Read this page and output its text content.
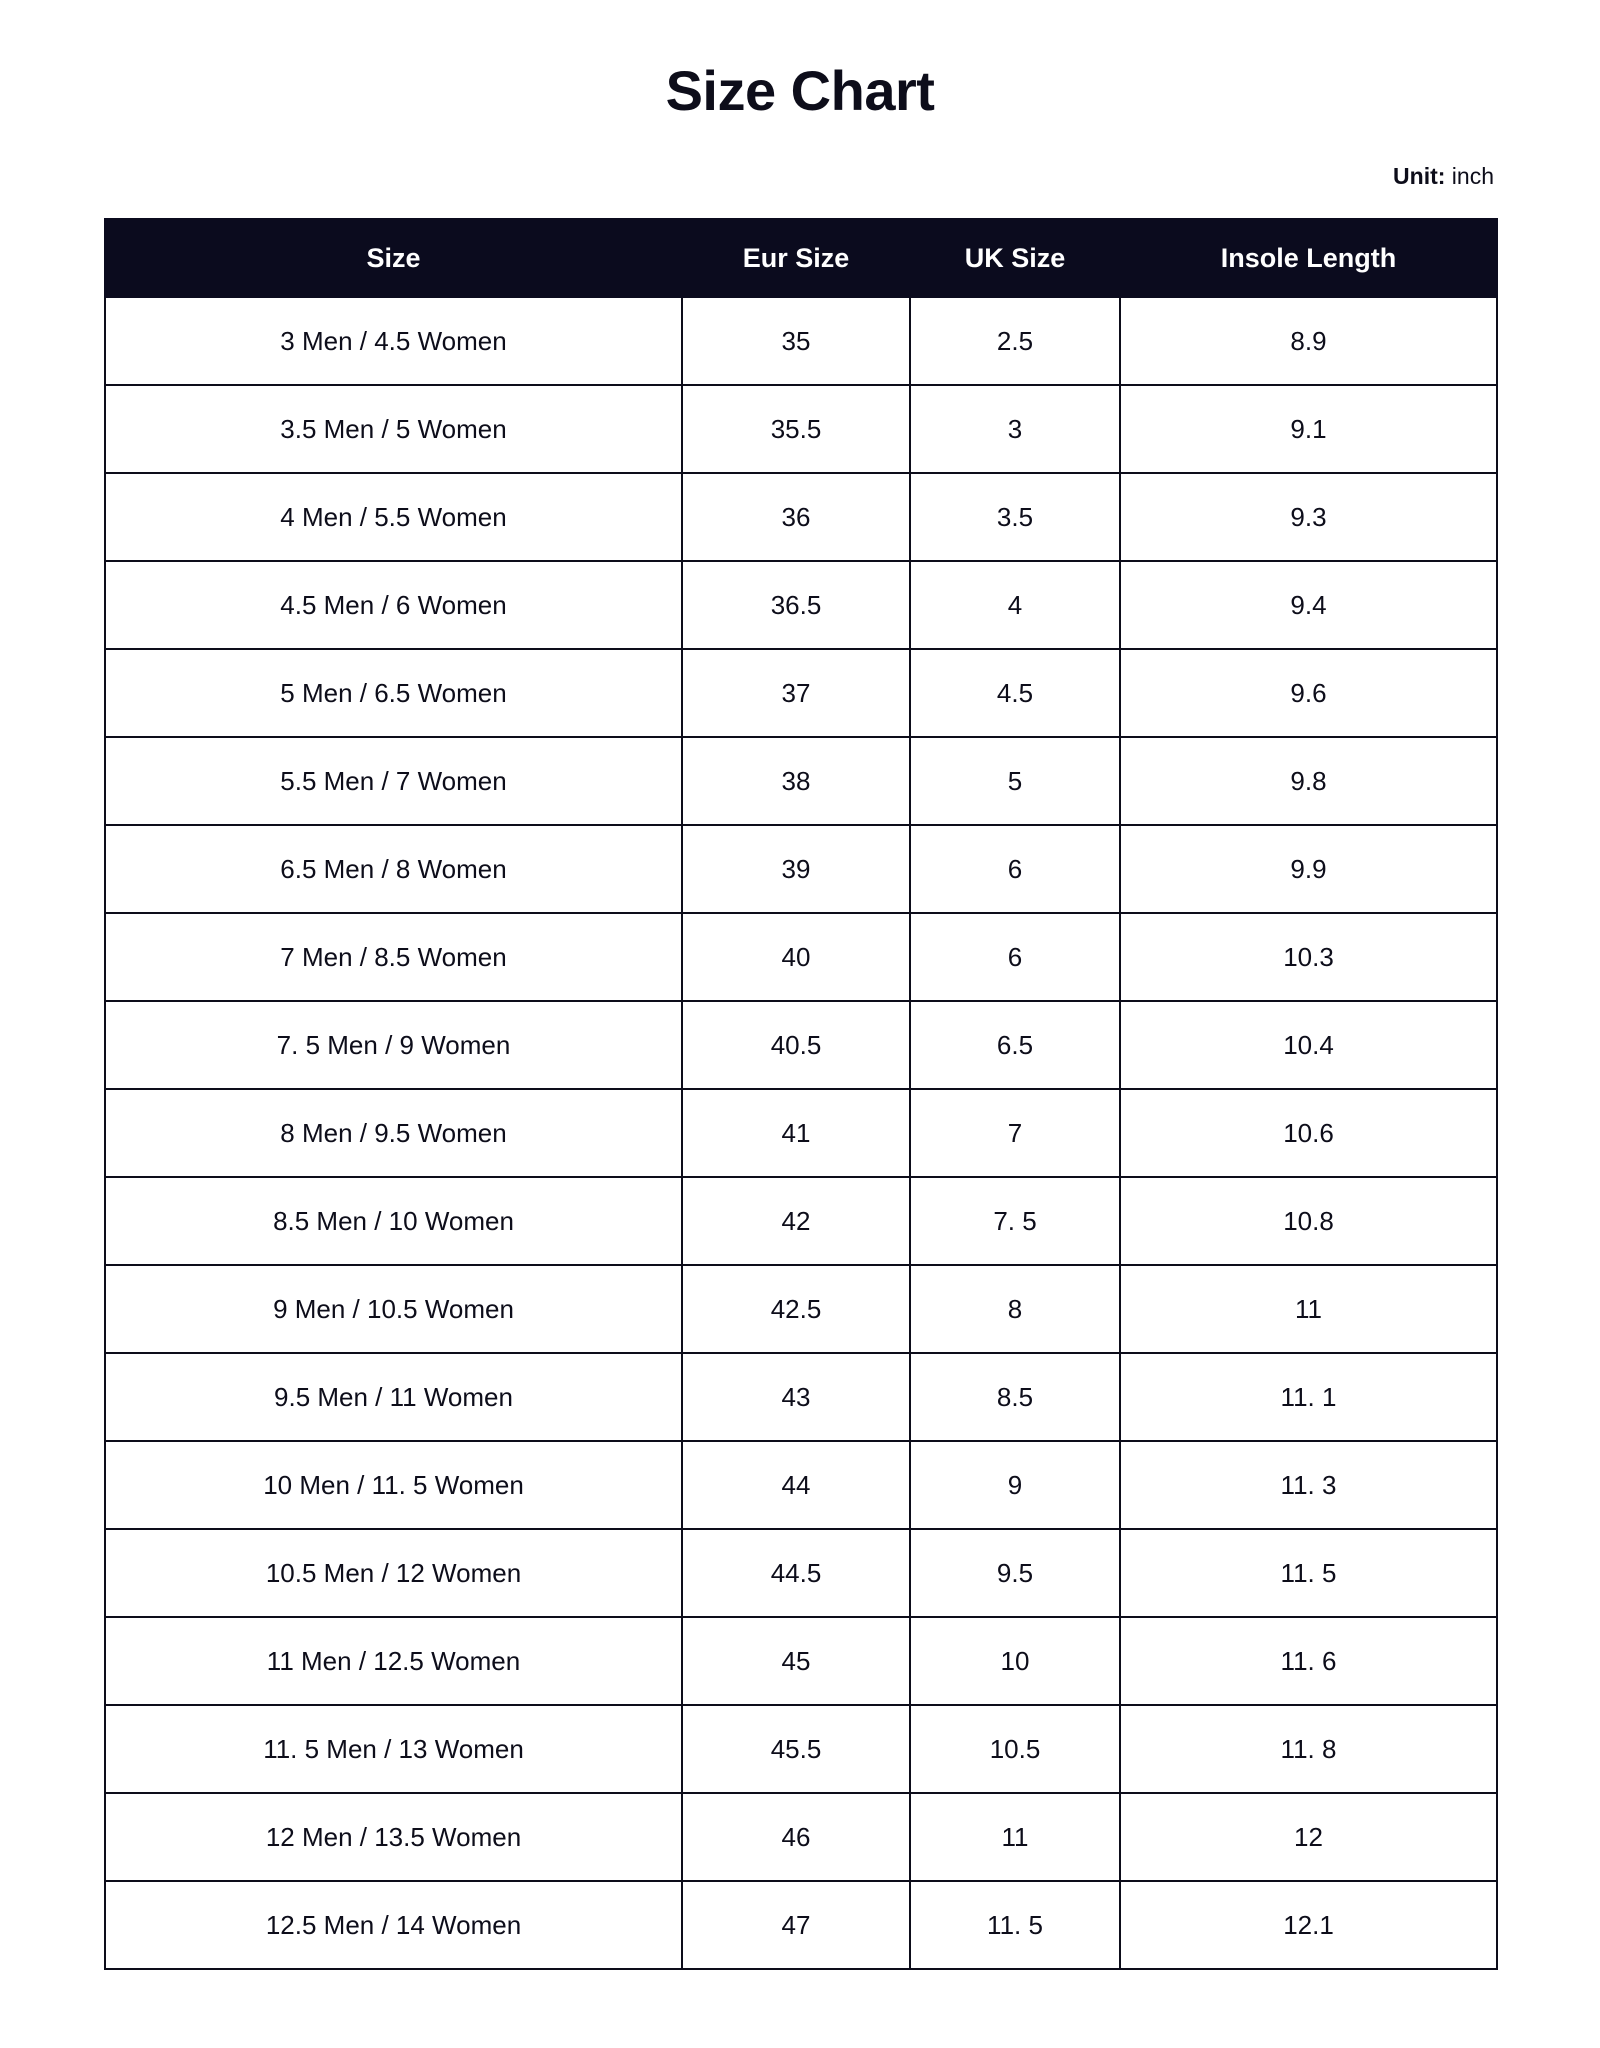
Size Chart
Unit: inch
Size	Eur Size	UK Size	Insole Length
3 Men / 4.5 Women	35	2.5	8.9
3.5 Men / 5 Women	35.5	3	9.1
4 Men / 5.5 Women	36	3.5	9.3
4.5 Men / 6 Women	36.5	4	9.4
5 Men / 6.5 Women	37	4.5	9.6
5.5 Men / 7 Women	38	5	9.8
6.5 Men / 8 Women	39	6	9.9
7 Men / 8.5 Women	40	6	10.3
7. 5 Men / 9 Women	40.5	6.5	10.4
8 Men / 9.5 Women	41	7	10.6
8.5 Men / 10 Women	42	7. 5	10.8
9 Men / 10.5 Women	42.5	8	11
9.5 Men / 11 Women	43	8.5	11. 1
10 Men / 11. 5 Women	44	9	11. 3
10.5 Men / 12 Women	44.5	9.5	11. 5
11 Men / 12.5 Women	45	10	11. 6
11. 5 Men / 13 Women	45.5	10.5	11. 8
12 Men / 13.5 Women	46	11	12
12.5 Men / 14 Women	47	11. 5	12.1
